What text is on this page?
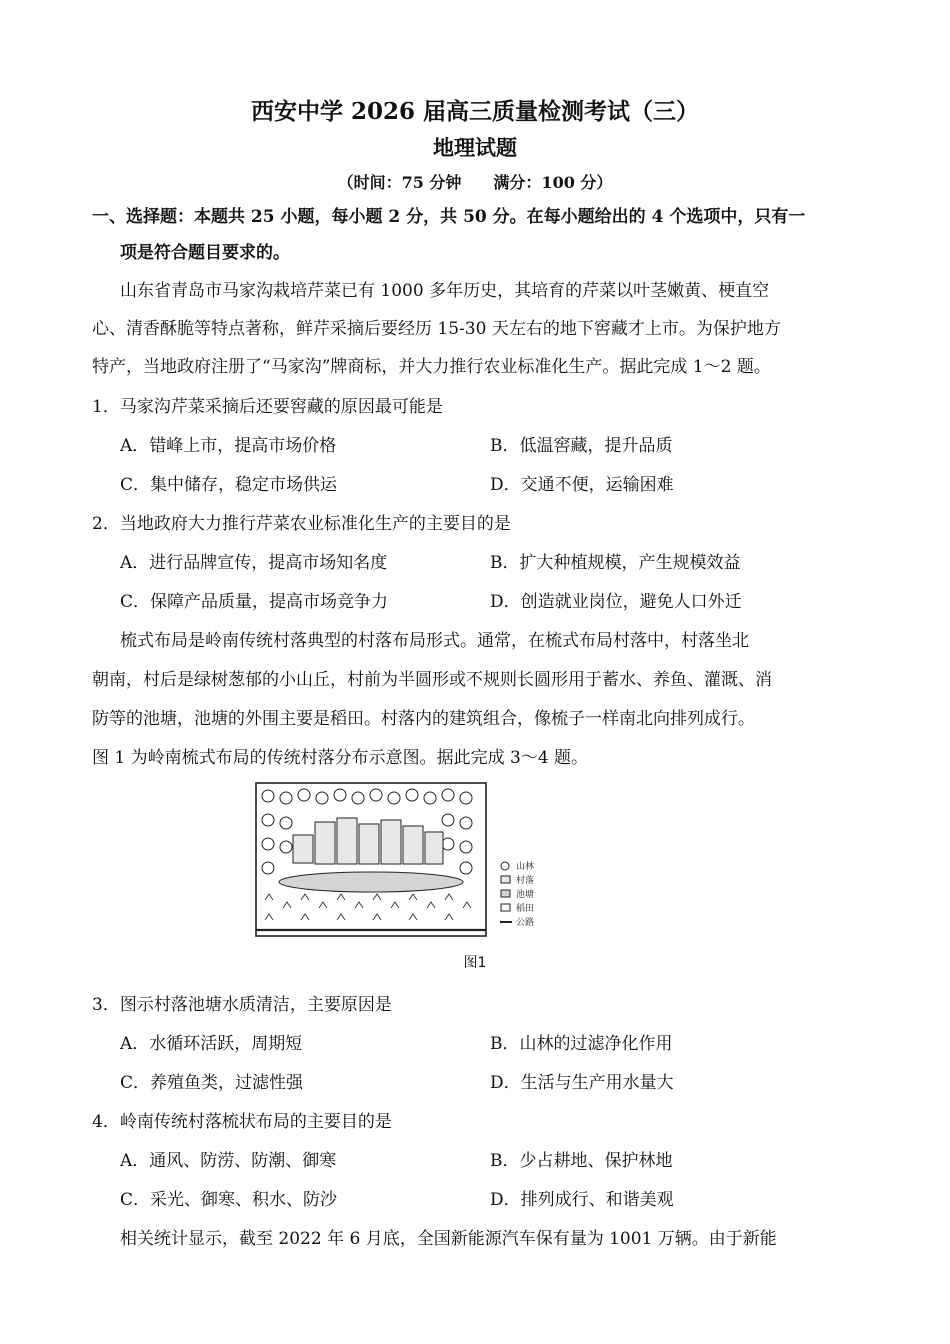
西安中学 2026 届高三质量检测考试（三）
地理试题
（时间：75 分钟　　满分：100 分）
一、选择题：本题共 25 小题，每小题 2 分，共 50 分。在每小题给出的 4 个选项中，只有一
项是符合题目要求的。
山东省青岛市马家沟栽培芹菜已有 1000 多年历史，其培育的芹菜以叶茎嫩黄、梗直空
心、清香酥脆等特点著称，鲜芹采摘后要经历 15-30 天左右的地下窖藏才上市。为保护地方
特产，当地政府注册了“马家沟”牌商标，并大力推行农业标准化生产。据此完成 1～2 题。
1．马家沟芹菜采摘后还要窖藏的原因最可能是
A．错峰上市，提高市场价格	B．低温窖藏，提升品质
C．集中储存，稳定市场供运	D．交通不便，运输困难
2．当地政府大力推行芹菜农业标准化生产的主要目的是
A．进行品牌宣传，提高市场知名度	B．扩大种植规模，产生规模效益
C．保障产品质量，提高市场竞争力	D．创造就业岗位，避免人口外迁
梳式布局是岭南传统村落典型的村落布局形式。通常，在梳式布局村落中，村落坐北
朝南，村后是绿树葱郁的小山丘，村前为半圆形或不规则长圆形用于蓄水、养鱼、灌溉、消
防等的池塘，池塘的外围主要是稻田。村落内的建筑组合，像梳子一样南北向排列成行。
图 1 为岭南梳式布局的传统村落分布示意图。据此完成 3～4 题。
山林
村落
池塘
稻田
公路
图1
3．图示村落池塘水质清洁，主要原因是
A．水循环活跃，周期短	B．山林的过滤净化作用
C．养殖鱼类，过滤性强	D．生活与生产用水量大
4．岭南传统村落梳状布局的主要目的是
A．通风、防涝、防潮、御寒	B．少占耕地、保护林地
C．采光、御寒、积水、防沙	D．排列成行、和谐美观
相关统计显示，截至 2022 年 6 月底，全国新能源汽车保有量为 1001 万辆。由于新能
